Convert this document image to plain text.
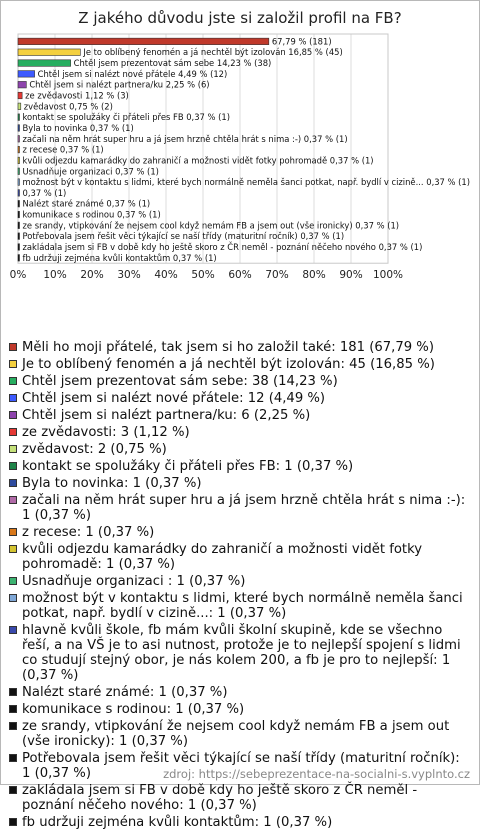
Z jakého důvodu jste si založil profil na FB?
67,79 % (181)
Je to oblíbený fenomén a já nechtěl být izolován 16,85 % (45)
Chtěl jsem prezentovat sám sebe 14,23 % (38)
Chtěl jsem si nalézt nové přátele 4,49 % (12)
Chtěl jsem si nalézt partnera/ku 2,25 % (6)
ze zvědavosti 1,12 % (3)
zvědavost 0,75 % (2)
kontakt se spolužáky či přáteli přes FB 0,37 % (1)
Byla to novinka 0,37 % (1)
začali na něm hrát super hru a já jsem hrzně chtěla hrát s nima :-) 0,37 % (1)
z recese 0,37 % (1)
kvůli odjezdu kamarádky do zahraničí a možnosti vidět fotky pohromadě 0,37 % (1)
Usnadňuje organizaci 0,37 % (1)
možnost být v kontaktu s lidmi, které bych normálně neměla šanci potkat, např. bydlí v cizině... 0,37 % (1)
0,37 % (1)
Nalézt staré známé 0,37 % (1)
komunikace s rodinou 0,37 % (1)
ze srandy, vtipkování že nejsem cool když nemám FB a jsem out (vše ironicky) 0,37 % (1)
Potřebovala jsem řešit věci týkající se naší třídy (maturitní ročník) 0,37 % (1)
zakládala jsem si FB v době kdy ho ještě skoro z ČR neměl - poznání něčeho nového 0,37 % (1)
fb udržuji zejména kvůli kontaktům 0,37 % (1)
0% 10% 20% 30% 40% 50% 60% 70% 80% 90% 100%
Měli ho moji přátelé, tak jsem si ho založil také: 181 (67,79 %)
Je to oblíbený fenomén a já nechtěl být izolován: 45 (16,85 %)
Chtěl jsem prezentovat sám sebe: 38 (14,23 %)
Chtěl jsem si nalézt nové přátele: 12 (4,49 %)
Chtěl jsem si nalézt partnera/ku: 6 (2,25 %)
ze zvědavosti: 3 (1,12 %)
zvědavost: 2 (0,75 %)
kontakt se spolužáky či přáteli přes FB: 1 (0,37 %)
Byla to novinka: 1 (0,37 %)
začali na něm hrát super hru a já jsem hrzně chtěla hrát s nima :-): 1 (0,37 %)
z recese: 1 (0,37 %)
kvůli odjezdu kamarádky do zahraničí a možnosti vidět fotky pohromadě: 1 (0,37 %)
Usnadňuje organizaci : 1 (0,37 %)
možnost být v kontaktu s lidmi, které bych normálně neměla šanci potkat, např. bydlí v cizině...: 1 (0,37 %)
hlavně kvůli škole, fb mám kvůli školní skupině, kde se všechno řeší, a na VŠ je to asi nutnost, protože je to nejlepší spojení s lidmi co studují stejný obor, je nás kolem 200, a fb je pro to nejlepší: 1 (0,37 %)
Nalézt staré známé: 1 (0,37 %)
komunikace s rodinou: 1 (0,37 %)
ze srandy, vtipkování že nejsem cool když nemám FB a jsem out (vše ironicky): 1 (0,37 %)
Potřebovala jsem řešit věci týkající se naší třídy (maturitní ročník): 1 (0,37 %)
zakládala jsem si FB v době kdy ho ještě skoro z ČR neměl - poznání něčeho nového: 1 (0,37 %)
fb udržuji zejména kvůli kontaktům: 1 (0,37 %)
zdroj: https://sebeprezentace-na-socialni-s.vyplnto.cz
